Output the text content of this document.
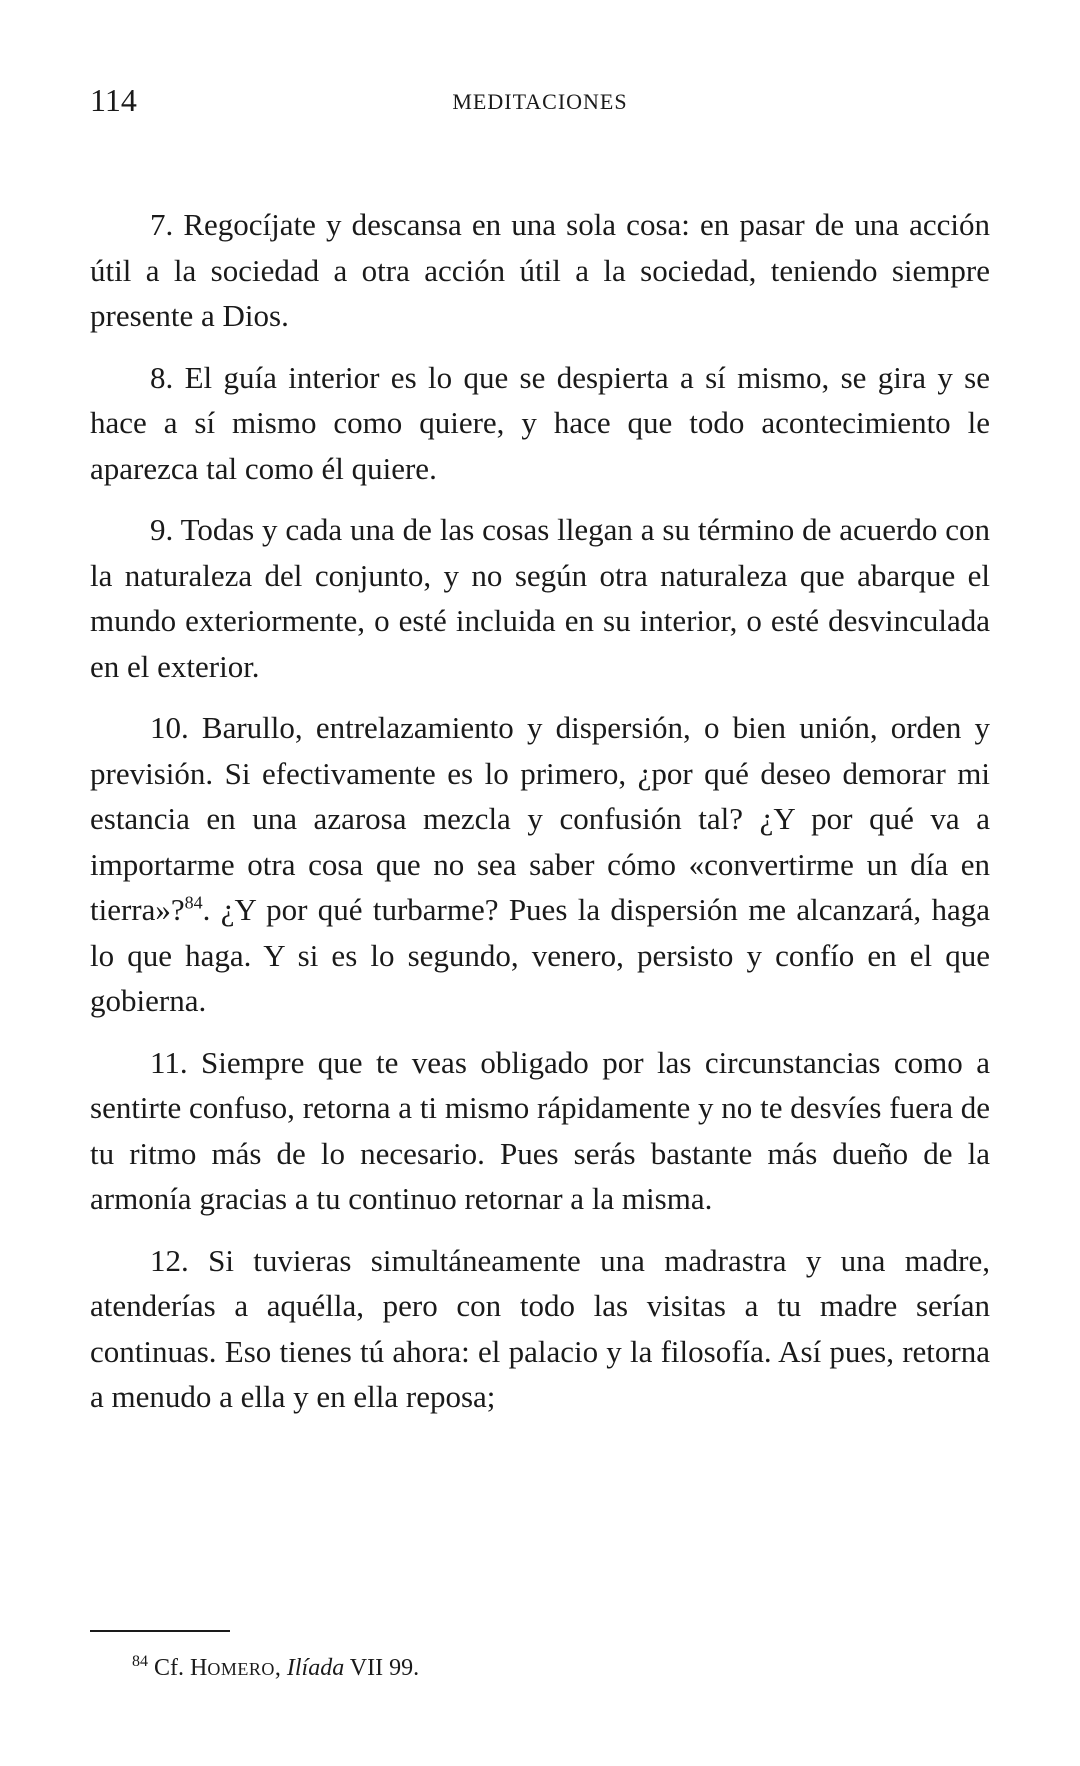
114	MEDITACIONES

7. Regocíjate y descansa en una sola cosa: en pasar de una acción útil a la sociedad a otra acción útil a la sociedad, teniendo siempre presente a Dios.

8. El guía interior es lo que se despierta a sí mismo, se gira y se hace a sí mismo como quiere, y hace que todo acontecimiento le aparezca tal como él quiere.

9. Todas y cada una de las cosas llegan a su término de acuerdo con la naturaleza del conjunto, y no según otra naturaleza que abarque el mundo exteriormente, o esté incluida en su interior, o esté desvinculada en el exterior.

10. Barullo, entrelazamiento y dispersión, o bien unión, orden y previsión. Si efectivamente es lo primero, ¿por qué deseo demorar mi estancia en una azarosa mezcla y confusión tal? ¿Y por qué va a importarme otra cosa que no sea saber cómo «convertirme un día en tierra»?$^{84}$. ¿Y por qué turbarme? Pues la dispersión me alcanzará, haga lo que haga. Y si es lo segundo, venero, persisto y confío en el que gobierna.

11. Siempre que te veas obligado por las circunstancias como a sentirte confuso, retorna a ti mismo rápidamente y no te desvíes fuera de tu ritmo más de lo necesario. Pues serás bastante más dueño de la armonía gracias a tu continuo retornar a la misma.

12. Si tuvieras simultáneamente una madrastra y una madre, atenderías a aquélla, pero con todo las visitas a tu madre serían continuas. Eso tienes tú ahora: el palacio y la filosofía. Así pues, retorna a menudo a ella y en ella reposa;

$^{84}$ Cf. HOMERO, Ilíada VII 99.
